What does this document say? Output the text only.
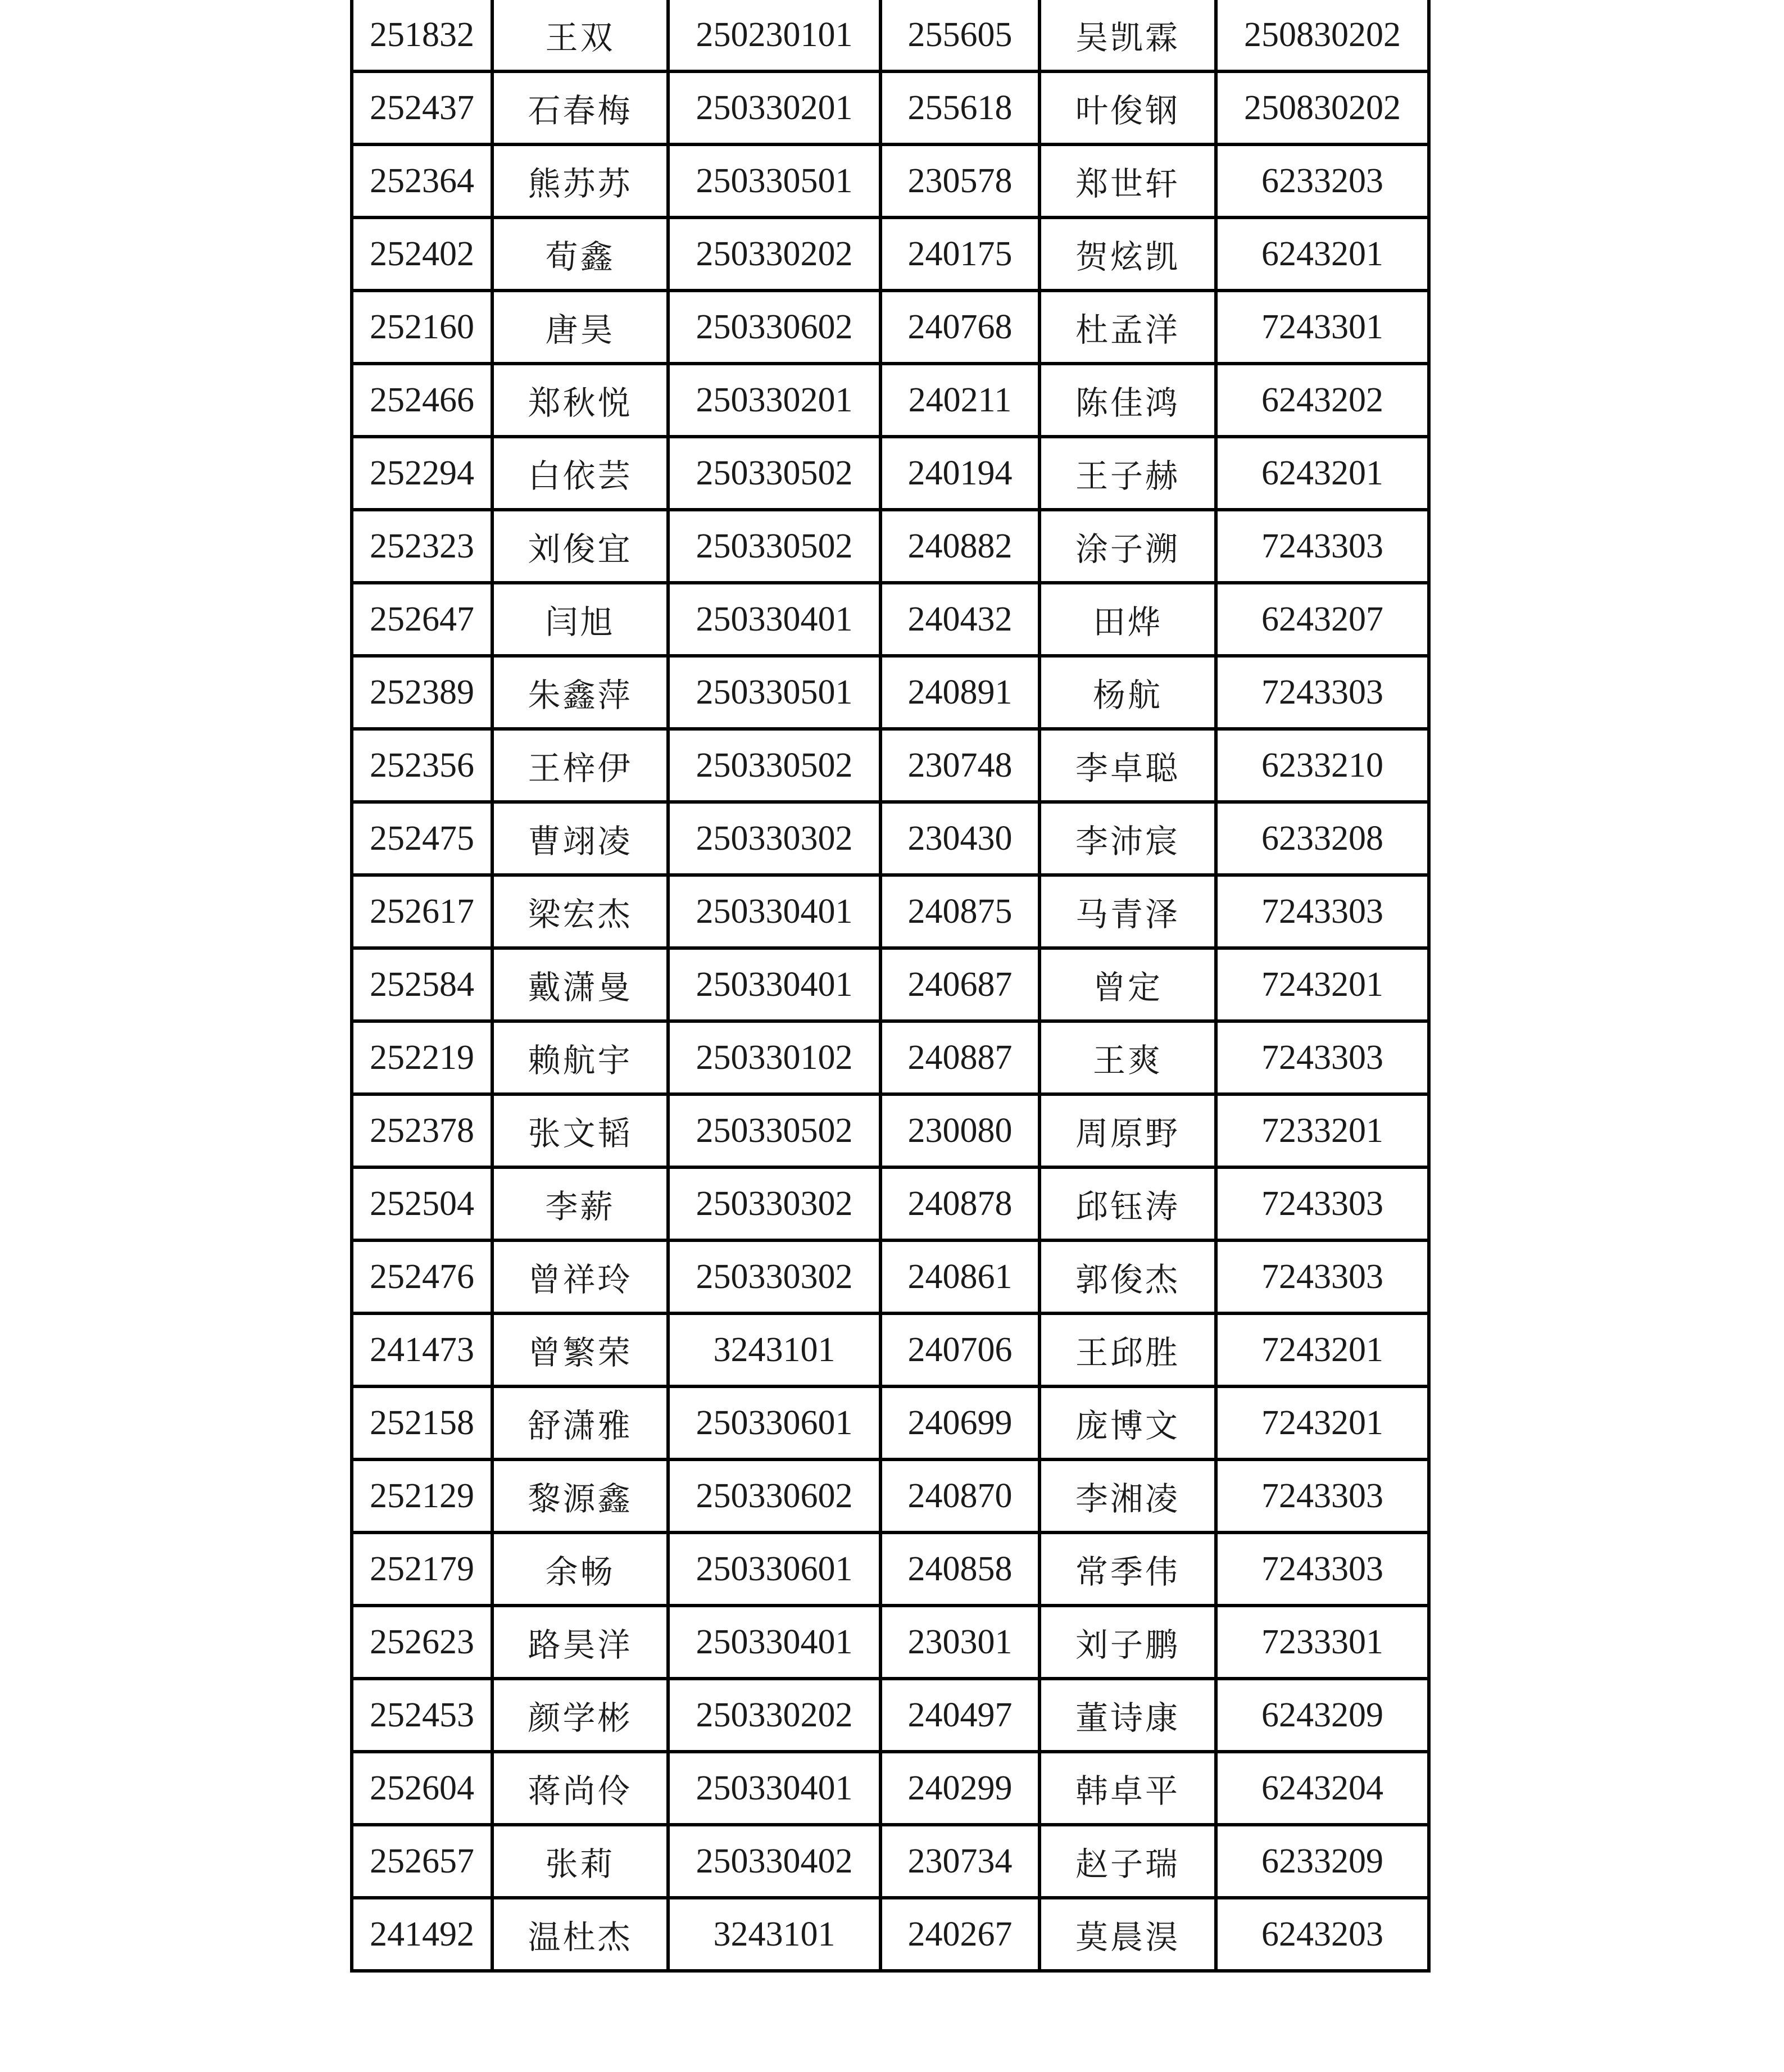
251832	王双	250230101	255605	吴凯霖	250830202
252437	石春梅	250330201	255618	叶俊钢	250830202
252364	熊苏苏	250330501	230578	郑世轩	6233203
252402	荀鑫	250330202	240175	贺炫凯	6243201
252160	唐昊	250330602	240768	杜孟洋	7243301
252466	郑秋悦	250330201	240211	陈佳鸿	6243202
252294	白依芸	250330502	240194	王子赫	6243201
252323	刘俊宜	250330502	240882	涂子溯	7243303
252647	闫旭	250330401	240432	田烨	6243207
252389	朱鑫萍	250330501	240891	杨航	7243303
252356	王梓伊	250330502	230748	李卓聪	6233210
252475	曹翊凌	250330302	230430	李沛宸	6233208
252617	梁宏杰	250330401	240875	马青泽	7243303
252584	戴潇曼	250330401	240687	曾定	7243201
252219	赖航宇	250330102	240887	王爽	7243303
252378	张文韬	250330502	230080	周原野	7233201
252504	李薪	250330302	240878	邱钰涛	7243303
252476	曾祥玲	250330302	240861	郭俊杰	7243303
241473	曾繁荣	3243101	240706	王邱胜	7243201
252158	舒潇雅	250330601	240699	庞博文	7243201
252129	黎源鑫	250330602	240870	李湘凌	7243303
252179	余畅	250330601	240858	常季伟	7243303
252623	路昊洋	250330401	230301	刘子鹏	7233301
252453	颜学彬	250330202	240497	董诗康	6243209
252604	蒋尚伶	250330401	240299	韩卓平	6243204
252657	张莉	250330402	230734	赵子瑞	6233209
241492	温杜杰	3243101	240267	莫晨淏	6243203
